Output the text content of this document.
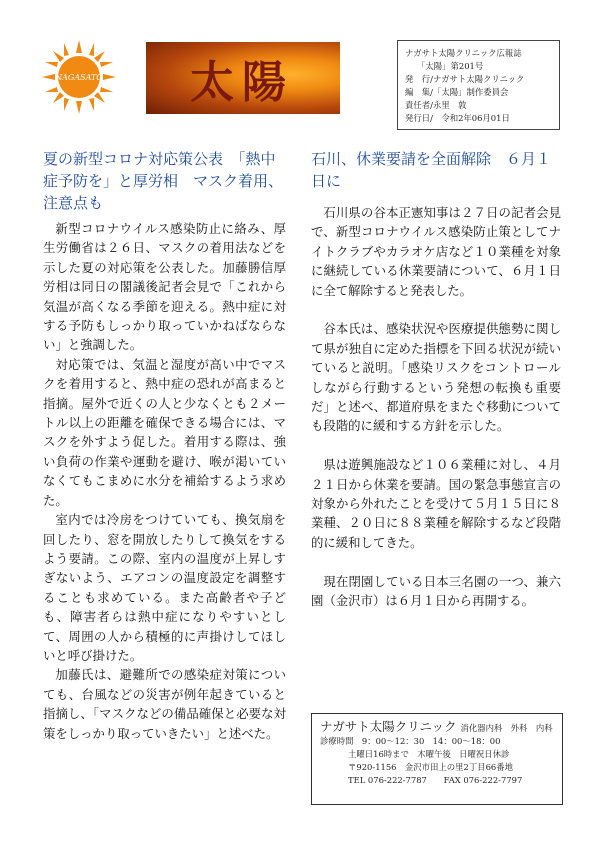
NAGASATO 太陽
ナガサト太陽クリニック広報誌
「太陽」第201号
発　行/ナガサト太陽クリニック
編　集/「太陽」制作委員会
責任者/永里　敦
発行日/　令和2年06月01日
夏の新型コロナ対応策公表　「熱中症予防を」と厚労相　マスク着用、注意点も

新型コロナウイルス感染防止に絡み、厚生労働省は２６日、マスクの着用法などを示した夏の対応策を公表した。加藤勝信厚労相は同日の閣議後記者会見で「これから気温が高くなる季節を迎える。熱中症に対する予防もしっかり取っていかねばならない」と強調した。

対応策では、気温と湿度が高い中でマスクを着用すると、熱中症の恐れが高まると指摘。屋外で近くの人と少なくとも２メートル以上の距離を確保できる場合には、マスクを外すよう促した。着用する際は、強い負荷の作業や運動を避け、喉が渇いていなくてもこまめに水分を補給するよう求めた。

室内では冷房をつけていても、換気扇を回したり、窓を開放したりして換気をするよう要請。この際、室内の温度が上昇しすぎないよう、エアコンの温度設定を調整することも求めている。また高齢者や子ども、障害者らは熱中症になりやすいとして、周囲の人から積極的に声掛けしてほしいと呼び掛けた。

加藤氏は、避難所での感染症対策についても、台風などの災害が例年起きていると指摘し、「マスクなどの備品確保と必要な対策をしっかり取っていきたい」と述べた。

石川、休業要請を全面解除　６月１日に

石川県の谷本正憲知事は２７日の記者会見で、新型コロナウイルス感染防止策としてナイトクラブやカラオケ店など１０業種を対象に継続している休業要請について、６月１日に全て解除すると発表した。

谷本氏は、感染状況や医療提供態勢に関して県が独自に定めた指標を下回る状況が続いていると説明。「感染リスクをコントロールしながら行動するという発想の転換も重要だ」と述べ、都道府県をまたぐ移動についても段階的に緩和する方針を示した。

県は遊興施設など１０６業種に対し、４月２１日から休業を要請。国の緊急事態宣言の対象から外れたことを受けて５月１５日に８業種、２０日に８８業種を解除するなど段階的に緩和してきた。

現在閉園している日本三名園の一つ、兼六園（金沢市）は６月１日から再開する。

ナガサト太陽クリニック 消化器内科　外科　内科
診療時間　9：00～12：30　14：00～18：00
土曜日16時まで　木曜午後　日曜祝日休診
〒920-1156　金沢市田上の里2丁目66番地
TEL 076-222-7787　　FAX 076-222-7797
